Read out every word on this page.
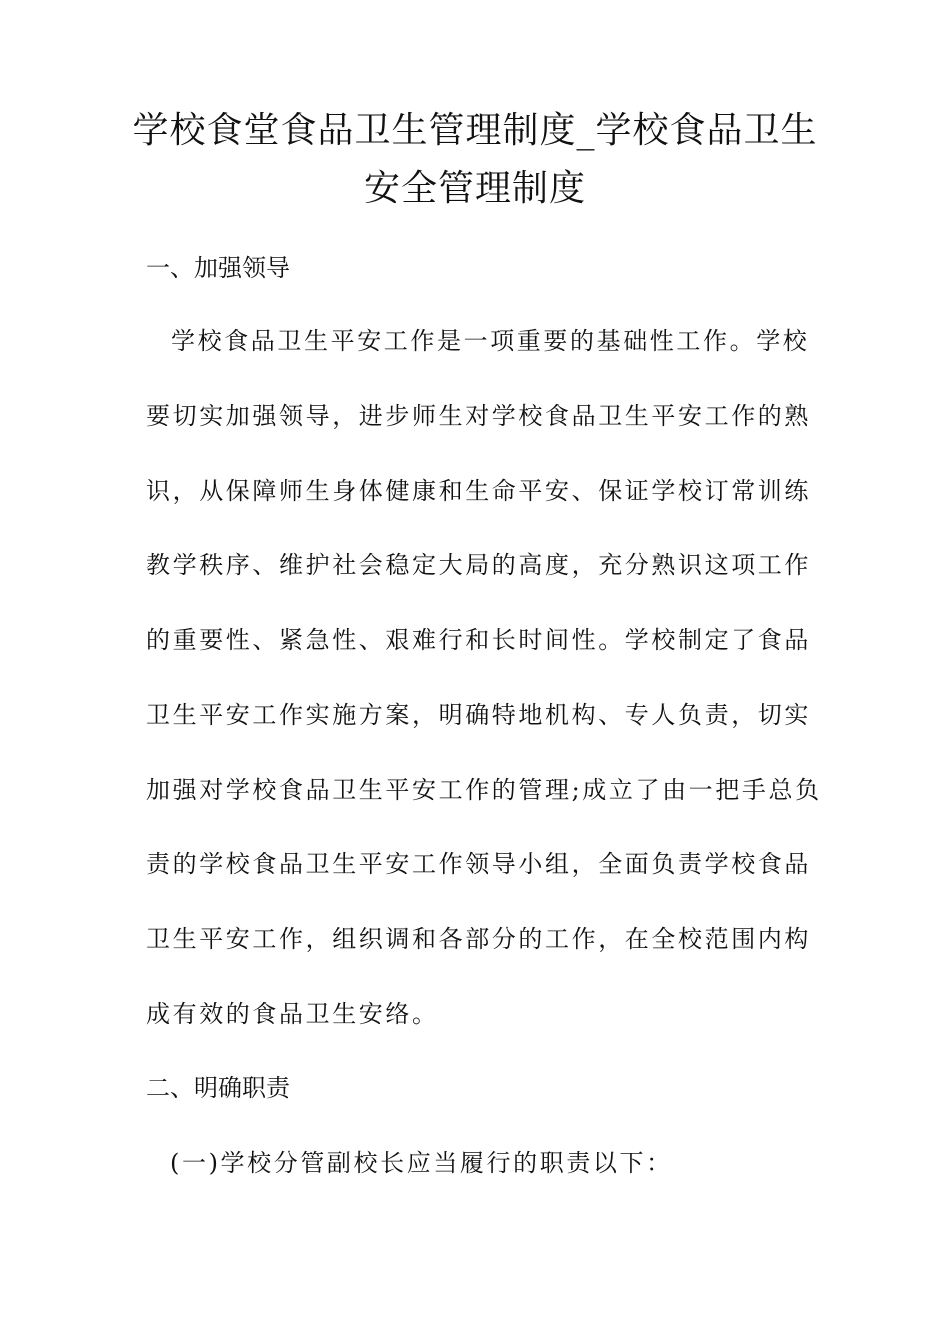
学校食堂食品卫生管理制度_学校食品卫生
安全管理制度
一、加强领导

学校食品卫生平安工作是一项重要的基础性工作。学校

要切实加强领导，进步师生对学校食品卫生平安工作的熟

识，从保障师生身体健康和生命平安、保证学校订常训练

教学秩序、维护社会稳定大局的高度，充分熟识这项工作

的重要性、紧急性、艰难行和长时间性。学校制定了食品

卫生平安工作实施方案，明确特地机构、专人负责，切实

加强对学校食品卫生平安工作的管理;成立了由一把手总负

责的学校食品卫生平安工作领导小组，全面负责学校食品

卫生平安工作，组织调和各部分的工作，在全校范围内构

成有效的食品卫生安络。

二、明确职责

(一)学校分管副校长应当履行的职责以下：
